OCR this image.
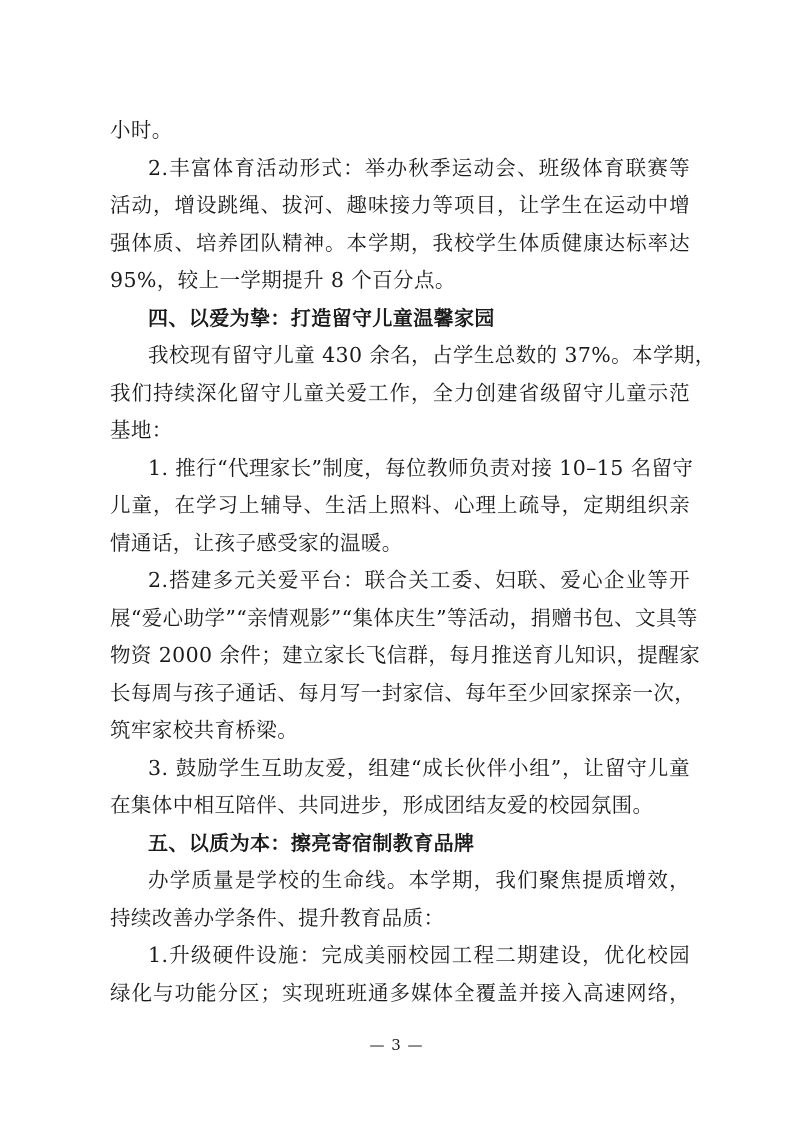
小时。
2.丰富体育活动形式：举办秋季运动会、班级体育联赛等
活动，增设跳绳、拔河、趣味接力等项目，让学生在运动中增
强体质、培养团队精神。本学期，我校学生体质健康达标率达
95%，较上一学期提升 8 个百分点。
四、以爱为挚：打造留守儿童温馨家园
我校现有留守儿童 430 余名，占学生总数的 37%。本学期，
我们持续深化留守儿童关爱工作，全力创建省级留守儿童示范
基地：
1. 推行“代理家长”制度，每位教师负责对接 10–15 名留守
儿童，在学习上辅导、生活上照料、心理上疏导，定期组织亲
情通话，让孩子感受家的温暖。
2.搭建多元关爱平台：联合关工委、妇联、爱心企业等开
展“爱心助学”“亲情观影”“集体庆生”等活动，捐赠书包、文具等
物资 2000 余件；建立家长飞信群，每月推送育儿知识，提醒家
长每周与孩子通话、每月写一封家信、每年至少回家探亲一次，
筑牢家校共育桥梁。
3. 鼓励学生互助友爱，组建“成长伙伴小组”，让留守儿童
在集体中相互陪伴、共同进步，形成团结友爱的校园氛围。
五、以质为本：擦亮寄宿制教育品牌
办学质量是学校的生命线。本学期，我们聚焦提质增效，
持续改善办学条件、提升教育品质：
1.升级硬件设施：完成美丽校园工程二期建设，优化校园
绿化与功能分区；实现班班通多媒体全覆盖并接入高速网络，
— 3 —
